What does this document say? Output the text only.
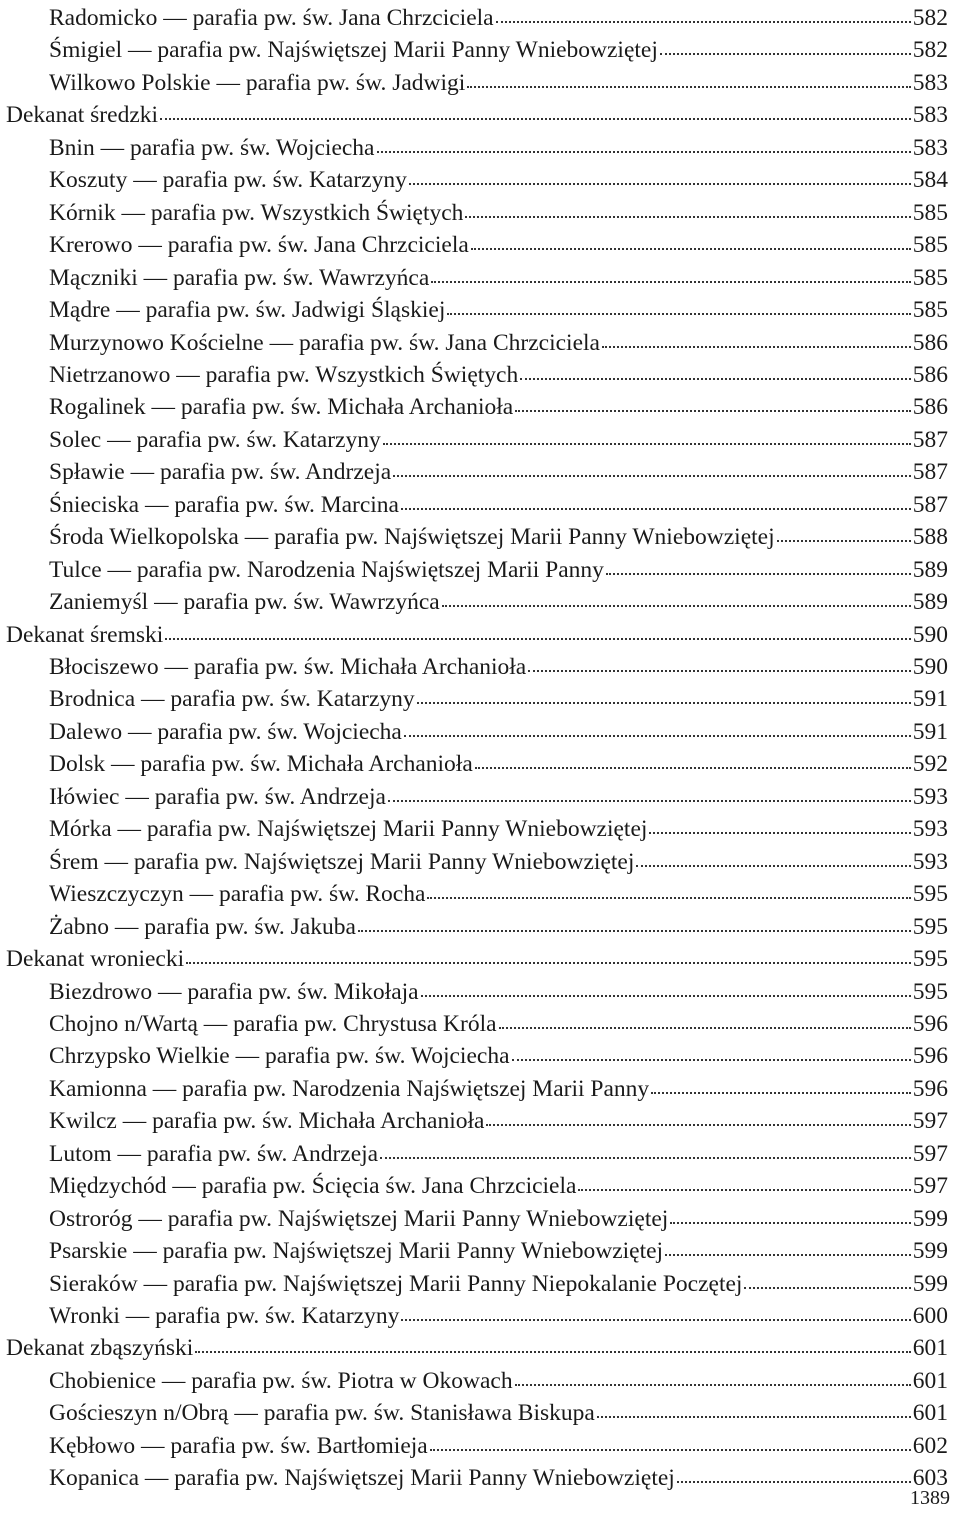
Radomicko — parafia pw. św. Jana Chrzciciela	582
Śmigiel — parafia pw. Najświętszej Marii Panny Wniebowziętej	582
Wilkowo Polskie — parafia pw. św. Jadwigi	583
Dekanat średzki	583
Bnin — parafia pw. św. Wojciecha	583
Koszuty — parafia pw. św. Katarzyny	584
Kórnik — parafia pw. Wszystkich Świętych	585
Krerowo — parafia pw. św. Jana Chrzciciela	585
Mączniki — parafia pw. św. Wawrzyńca	585
Mądre — parafia pw. św. Jadwigi Śląskiej	585
Murzynowo Kościelne — parafia pw. św. Jana Chrzciciela	586
Nietrzanowo — parafia pw. Wszystkich Świętych	586
Rogalinek — parafia pw. św. Michała Archanioła	586
Solec — parafia pw. św. Katarzyny	587
Spławie — parafia pw. św. Andrzeja	587
Śnieciska — parafia pw. św. Marcina	587
Środa Wielkopolska — parafia pw. Najświętszej Marii Panny Wniebowziętej	588
Tulce — parafia pw. Narodzenia Najświętszej Marii Panny	589
Zaniemyśl — parafia pw. św. Wawrzyńca	589
Dekanat śremski	590
Błociszewo — parafia pw. św. Michała Archanioła	590
Brodnica — parafia pw. św. Katarzyny	591
Dalewo — parafia pw. św. Wojciecha	591
Dolsk — parafia pw. św. Michała Archanioła	592
Iłówiec — parafia pw. św. Andrzeja	593
Mórka — parafia pw. Najświętszej Marii Panny Wniebowziętej	593
Śrem — parafia pw. Najświętszej Marii Panny Wniebowziętej	593
Wieszczyczyn — parafia pw. św. Rocha	595
Żabno — parafia pw. św. Jakuba	595
Dekanat wroniecki	595
Biezdrowo — parafia pw. św. Mikołaja	595
Chojno n/Wartą — parafia pw. Chrystusa Króla	596
Chrzypsko Wielkie — parafia pw. św. Wojciecha	596
Kamionna — parafia pw. Narodzenia Najświętszej Marii Panny	596
Kwilcz — parafia pw. św. Michała Archanioła	597
Lutom — parafia pw. św. Andrzeja	597
Międzychód — parafia pw. Ścięcia św. Jana Chrzciciela	597
Ostroróg — parafia pw. Najświętszej Marii Panny Wniebowziętej	599
Psarskie — parafia pw. Najświętszej Marii Panny Wniebowziętej	599
Sieraków — parafia pw. Najświętszej Marii Panny Niepokalanie Poczętej	599
Wronki — parafia pw. św. Katarzyny	600
Dekanat zbąszyński	601
Chobienice — parafia pw. św. Piotra w Okowach	601
Gościeszyn n/Obrą — parafia pw. św. Stanisława Biskupa	601
Kębłowo — parafia pw. św. Bartłomieja	602
Kopanica — parafia pw. Najświętszej Marii Panny Wniebowziętej	603
1389
